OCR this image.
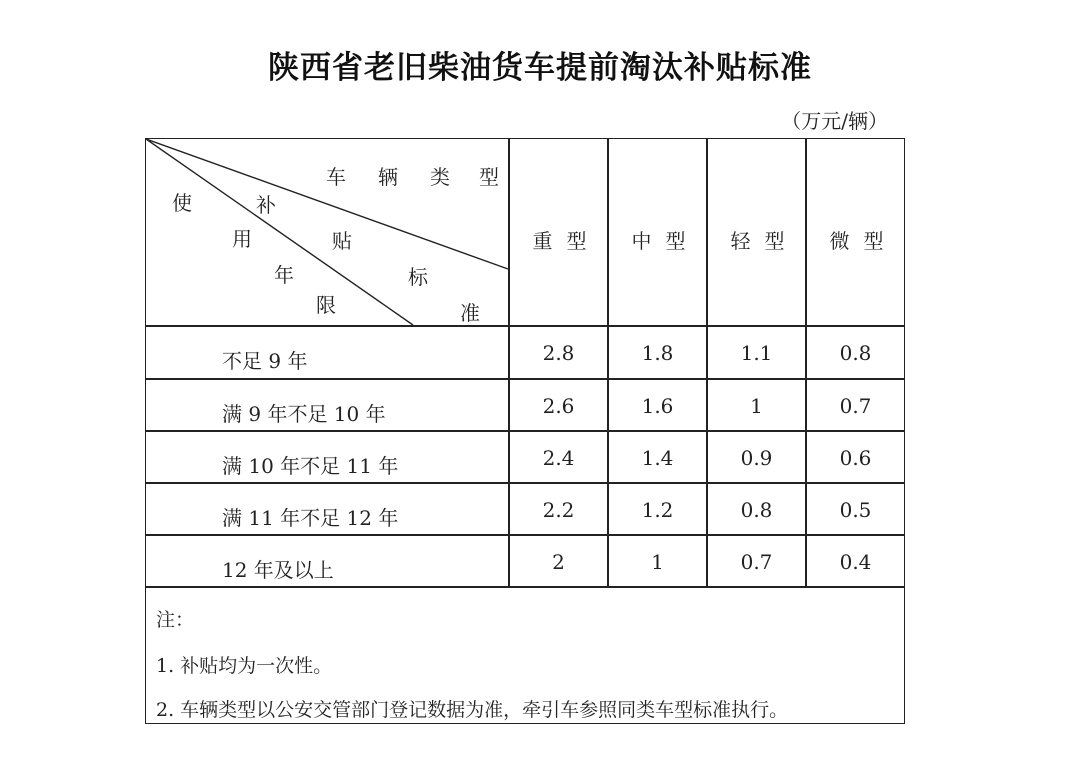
陕西省老旧柴油货车提前淘汰补贴标准
（万元/辆）
车 辆 类 型
补
贴
标
准
使
用
年
限
重型	中型	轻型	微型
不足 9 年	2.8	1.8	1.1	0.8
满 9 年不足 10 年	2.6	1.6	1	0.7
满 10 年不足 11 年	2.4	1.4	0.9	0.6
满 11 年不足 12 年	2.2	1.2	0.8	0.5
12 年及以上	2	1	0.7	0.4
注：
1. 补贴均为一次性。
2. 车辆类型以公安交管部门登记数据为准，牵引车参照同类车型标准执行。
